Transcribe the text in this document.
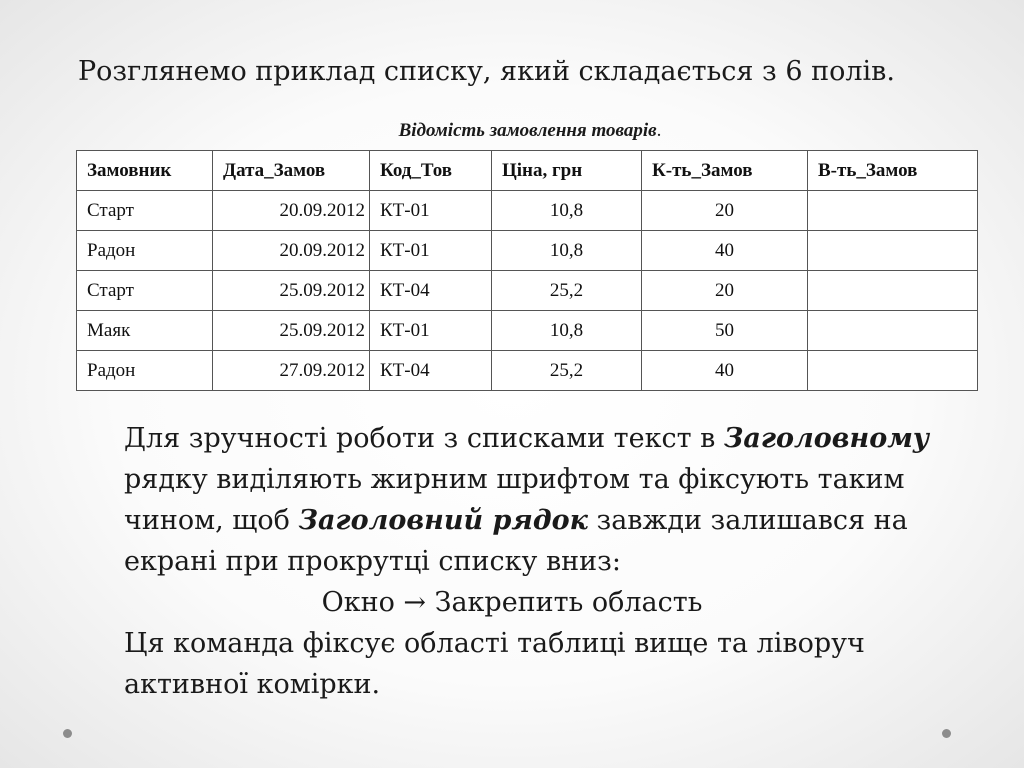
Розглянемо приклад списку, який складається з 6 полів.
Відомість замовлення товарів.
Замовник	Дата_Замов	Код_Тов	Ціна, грн	К-ть_Замов	В-ть_Замов
Старт	20.09.2012	КТ-01	10,8	20	
Радон	20.09.2012	КТ-01	10,8	40	
Старт	25.09.2012	КТ-04	25,2	20	
Маяк	25.09.2012	КТ-01	10,8	50	
Радон	27.09.2012	КТ-04	25,2	40	

Для зручності роботи з списками текст в Заголовному рядку виділяють жирним шрифтом та фіксують таким чином, щоб Заголовний рядок завжди залишався на екрані при прокрутці списку вниз:

Окно → Закрепить область

Ця команда фіксує області таблиці вище та ліворуч активної комірки.
